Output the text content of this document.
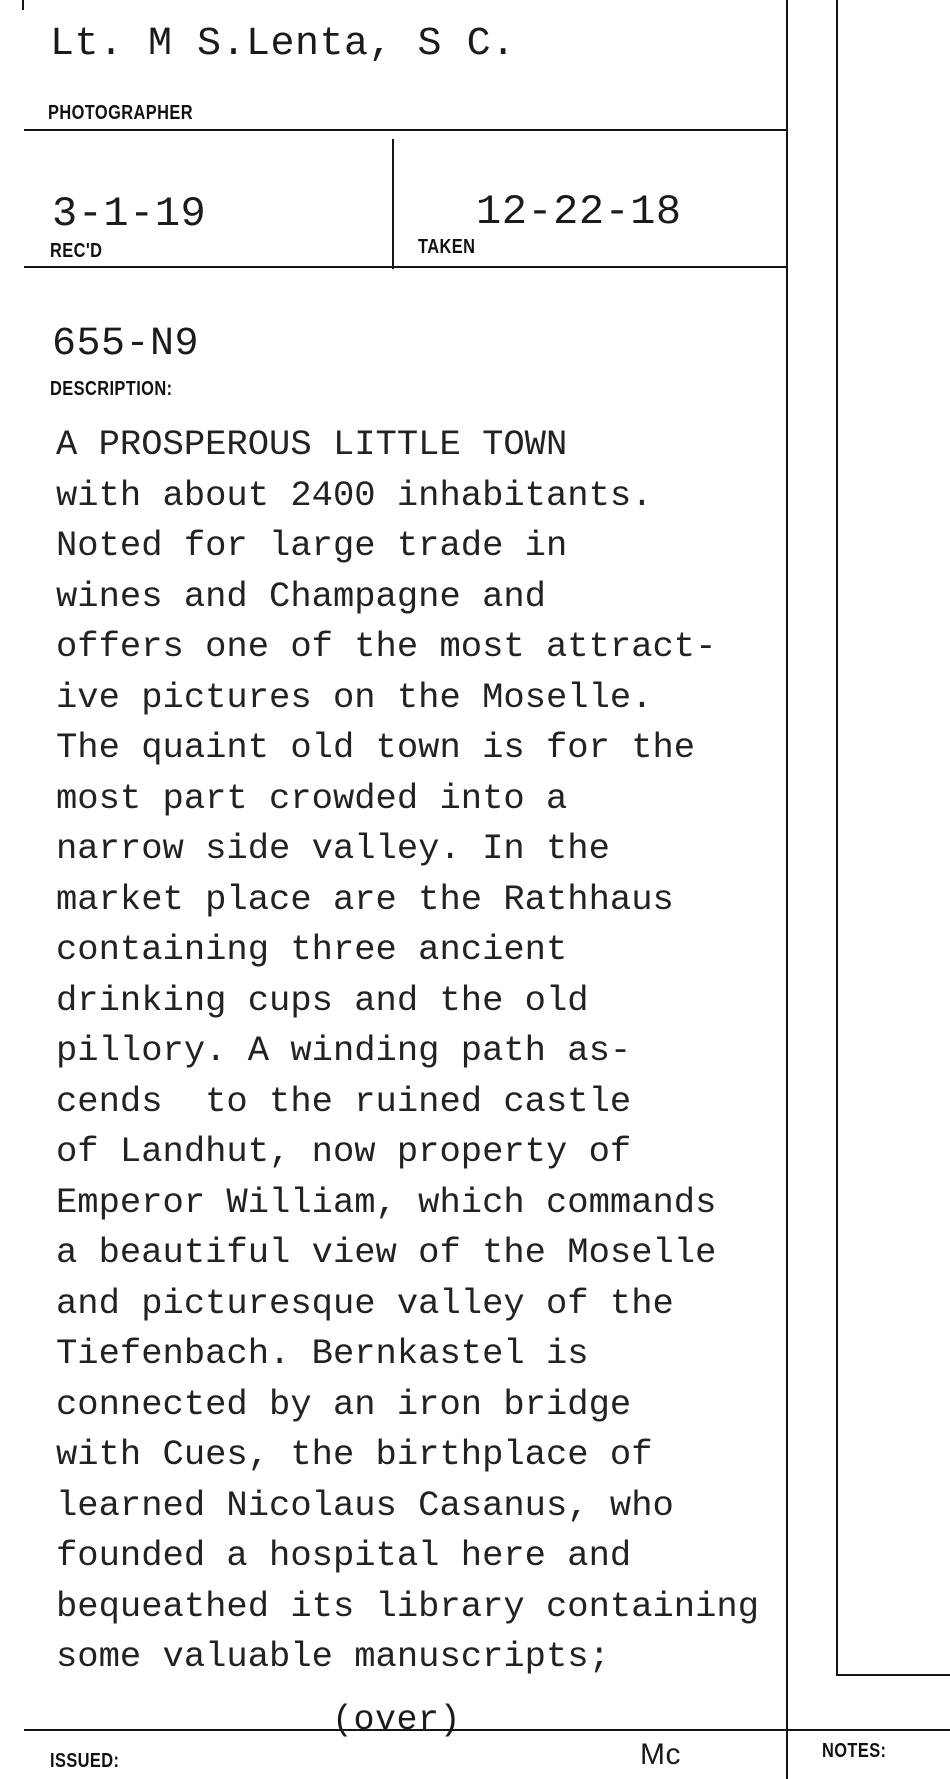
Lt. M S.Lenta, S C.
PHOTOGRAPHER
3-1-19
REC'D
12-22-18
TAKEN
655-N9
DESCRIPTION:
A PROSPEROUS LITTLE TOWN
with about 2400 inhabitants.
Noted for large trade in
wines and Champagne and
offers one of the most attract-
ive pictures on the Moselle.
The quaint old town is for the
most part crowded into a
narrow side valley. In the
market place are the Rathhaus
containing three ancient
drinking cups and the old
pillory. A winding path as-
cends  to the ruined castle
of Landhut, now property of
Emperor William, which commands
a beautiful view of the Moselle
and picturesque valley of the
Tiefenbach. Bernkastel is
connected by an iron bridge
with Cues, the birthplace of
learned Nicolaus Casanus, who
founded a hospital here and
bequeathed its library containing
some valuable manuscripts;
(over)
ISSUED:	Mc	NOTES:
